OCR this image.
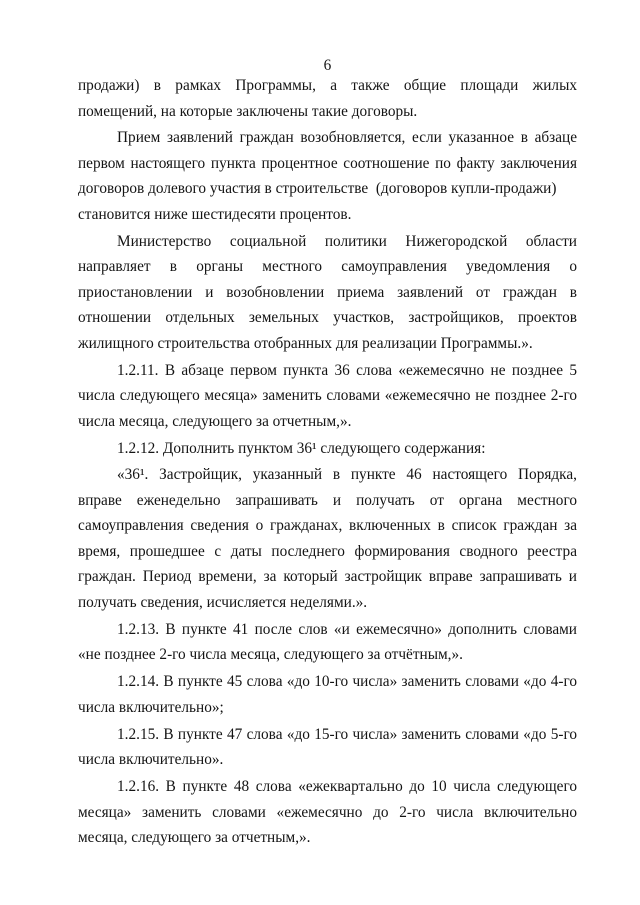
6
продажи) в рамках Программы, а также общие площади жилых
помещений, на которые заключены такие договоры.
Прием заявлений граждан возобновляется, если указанное в абзаце
первом настоящего пункта процентное соотношение по факту заключения
договоров долевого участия в строительстве  (договоров купли-продажи)
становится ниже шестидесяти процентов.
Министерство социальной политики Нижегородской области
направляет в органы местного самоуправления уведомления о
приостановлении и возобновлении приема заявлений от граждан в
отношении отдельных земельных участков, застройщиков, проектов
жилищного строительства отобранных для реализации Программы.».
1.2.11. В абзаце первом пункта 36 слова «ежемесячно не позднее 5
числа следующего месяца» заменить словами «ежемесячно не позднее 2-го
числа месяца, следующего за отчетным,».
1.2.12. Дополнить пунктом 36¹ следующего содержания:
«36¹. Застройщик, указанный в пункте 46 настоящего Порядка,
вправе еженедельно запрашивать и получать от органа местного
самоуправления сведения о гражданах, включенных в список граждан за
время, прошедшее с даты последнего формирования сводного реестра
граждан. Период времени, за который застройщик вправе запрашивать и
получать сведения, исчисляется неделями.».
1.2.13. В пункте 41 после слов «и ежемесячно» дополнить словами
«не позднее 2-го числа месяца, следующего за отчётным,».
1.2.14. В пункте 45 слова «до 10-го числа» заменить словами «до 4-го
числа включительно»;
1.2.15. В пункте 47 слова «до 15-го числа» заменить словами «до 5-го
числа включительно».
1.2.16. В пункте 48 слова «ежеквартально до 10 числа следующего
месяца» заменить словами «ежемесячно до 2-го числа включительно
месяца, следующего за отчетным,».
